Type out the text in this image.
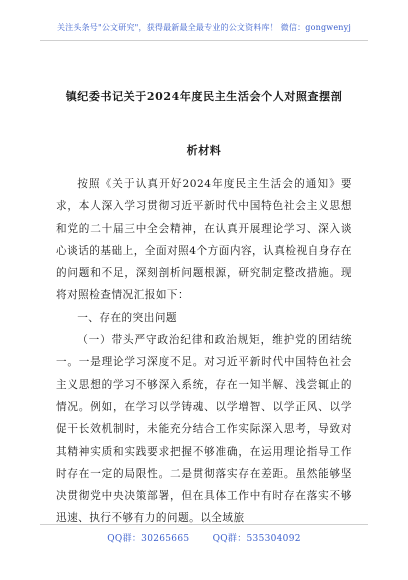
关注头条号"公文研究"，获得最新最全最专业的公文资料库！ 微信：gongwenyj
镇纪委书记关于2024年度民主生活会个人对照查摆剖析材料

按照《关于认真开好2024年度民主生活会的通知》要求，本人深入学习贯彻习近平新时代中国特色社会主义思想和党的二十届三中全会精神，在认真开展理论学习、深入谈心谈话的基础上，全面对照4个方面内容，认真检视自身存在的问题和不足，深刻剖析问题根源，研究制定整改措施。现将对照检查情况汇报如下：

一、存在的突出问题

（一）带头严守政治纪律和政治规矩，维护党的团结统一。一是理论学习深度不足。对习近平新时代中国特色社会主义思想的学习不够深入系统，存在一知半解、浅尝辄止的情况。例如，在学习以学铸魂、以学增智、以学正风、以学促干长效机制时，未能充分结合工作实际深入思考，导致对其精神实质和实践要求把握不够准确，在运用理论指导工作时存在一定的局限性。二是贯彻落实存在差距。虽然能够坚决贯彻党中央决策部署，但在具体工作中有时存在落实不够迅速、执行不够有力的问题。以全域旅

QQ群：30265665	QQ群：535304092
